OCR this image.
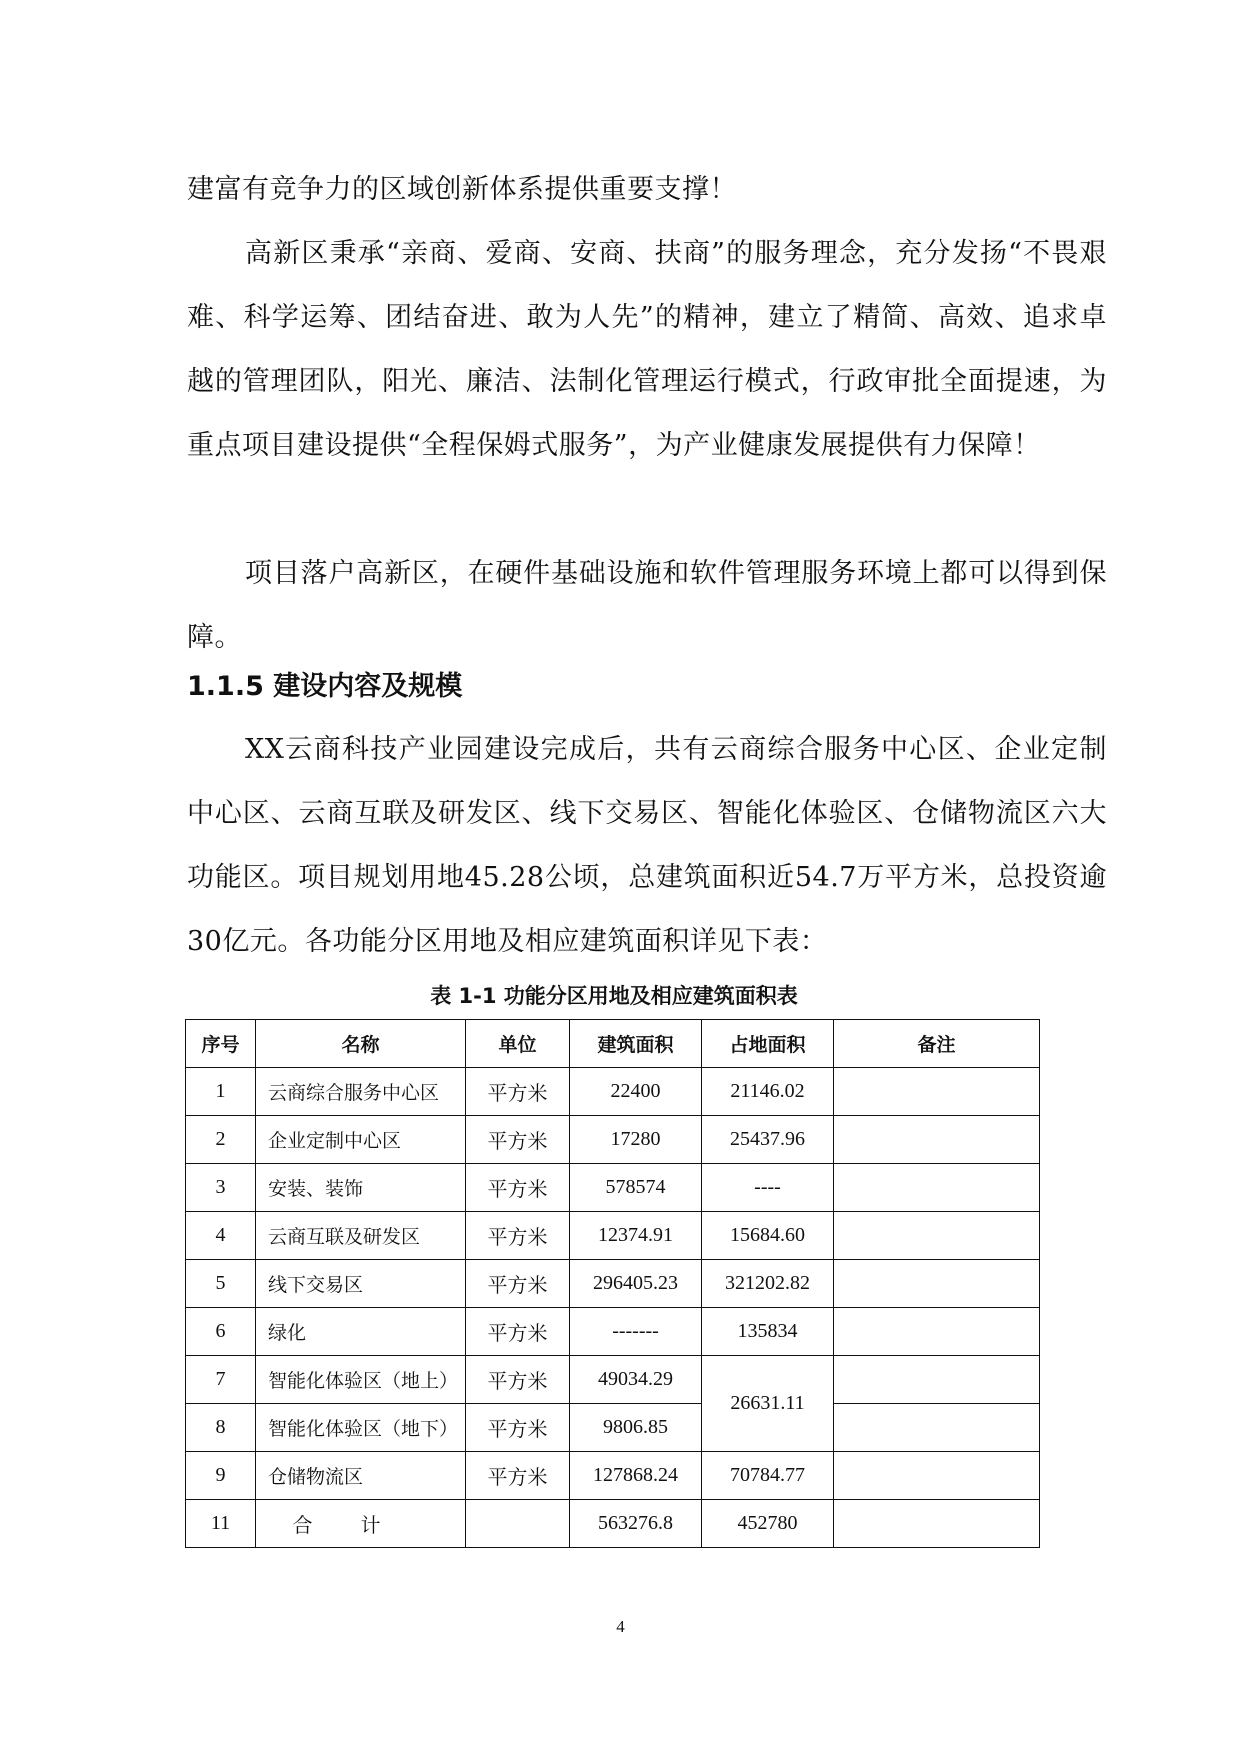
建富有竞争力的区域创新体系提供重要支撑！

高新区秉承“亲商、爱商、安商、扶商”的服务理念，充分发扬“不畏艰难、科学运筹、团结奋进、敢为人先”的精神，建立了精简、高效、追求卓越的管理团队，阳光、廉洁、法制化管理运行模式，行政审批全面提速，为重点项目建设提供“全程保姆式服务”，为产业健康发展提供有力保障！

项目落户高新区，在硬件基础设施和软件管理服务环境上都可以得到保障。

1.1.5 建设内容及规模

XX云商科技产业园建设完成后，共有云商综合服务中心区、企业定制中心区、云商互联及研发区、线下交易区、智能化体验区、仓储物流区六大功能区。项目规划用地45.28公顷，总建筑面积近54.7万平方米，总投资逾30亿元。各功能分区用地及相应建筑面积详见下表：

表 1-1 功能分区用地及相应建筑面积表

序号	名称	单位	建筑面积	占地面积	备注
1	云商综合服务中心区	平方米	22400	21146.02	
2	企业定制中心区	平方米	17280	25437.96	
3	安装、装饰	平方米	578574	----	
4	云商互联及研发区	平方米	12374.91	15684.60	
5	线下交易区	平方米	296405.23	321202.82	
6	绿化	平方米	-------	135834	
7	智能化体验区（地上）	平方米	49034.29	26631.11	
8	智能化体验区（地下）	平方米	9806.85		
9	仓储物流区	平方米	127868.24	70784.77	
11	合计		563276.8	452780	
4
